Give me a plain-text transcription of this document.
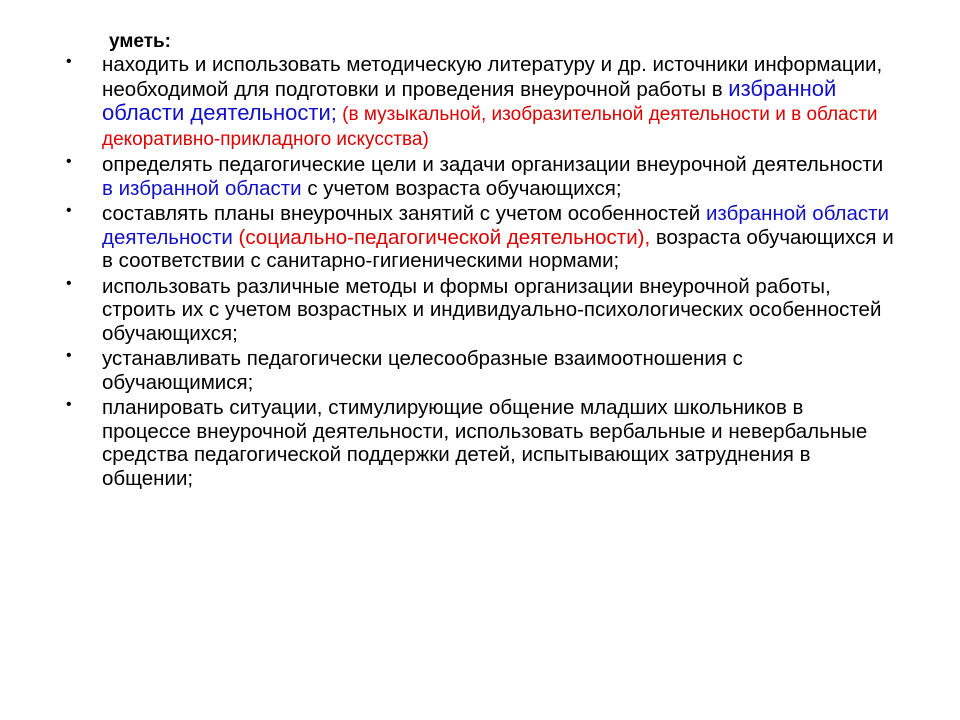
уметь:
• находить и использовать методическую литературу и др. источники информации, необходимой для подготовки и проведения внеурочной работы в избранной области деятельности; (в музыкальной, изобразительной деятельности и в области декоративно-прикладного искусства)
• определять педагогические цели и задачи организации внеурочной деятельности в избранной области с учетом возраста обучающихся;
• составлять планы внеурочных занятий с учетом особенностей избранной области деятельности (социально-педагогической деятельности), возраста обучающихся и в соответствии с санитарно-гигиеническими нормами;
• использовать различные методы и формы организации внеурочной работы, строить их с учетом возрастных и индивидуально-психологических особенностей обучающихся;
• устанавливать педагогически целесообразные взаимоотношения с обучающимися;
• планировать ситуации, стимулирующие общение младших школьников в процессе внеурочной деятельности, использовать вербальные и невербальные средства педагогической поддержки детей, испытывающих затруднения в общении;
